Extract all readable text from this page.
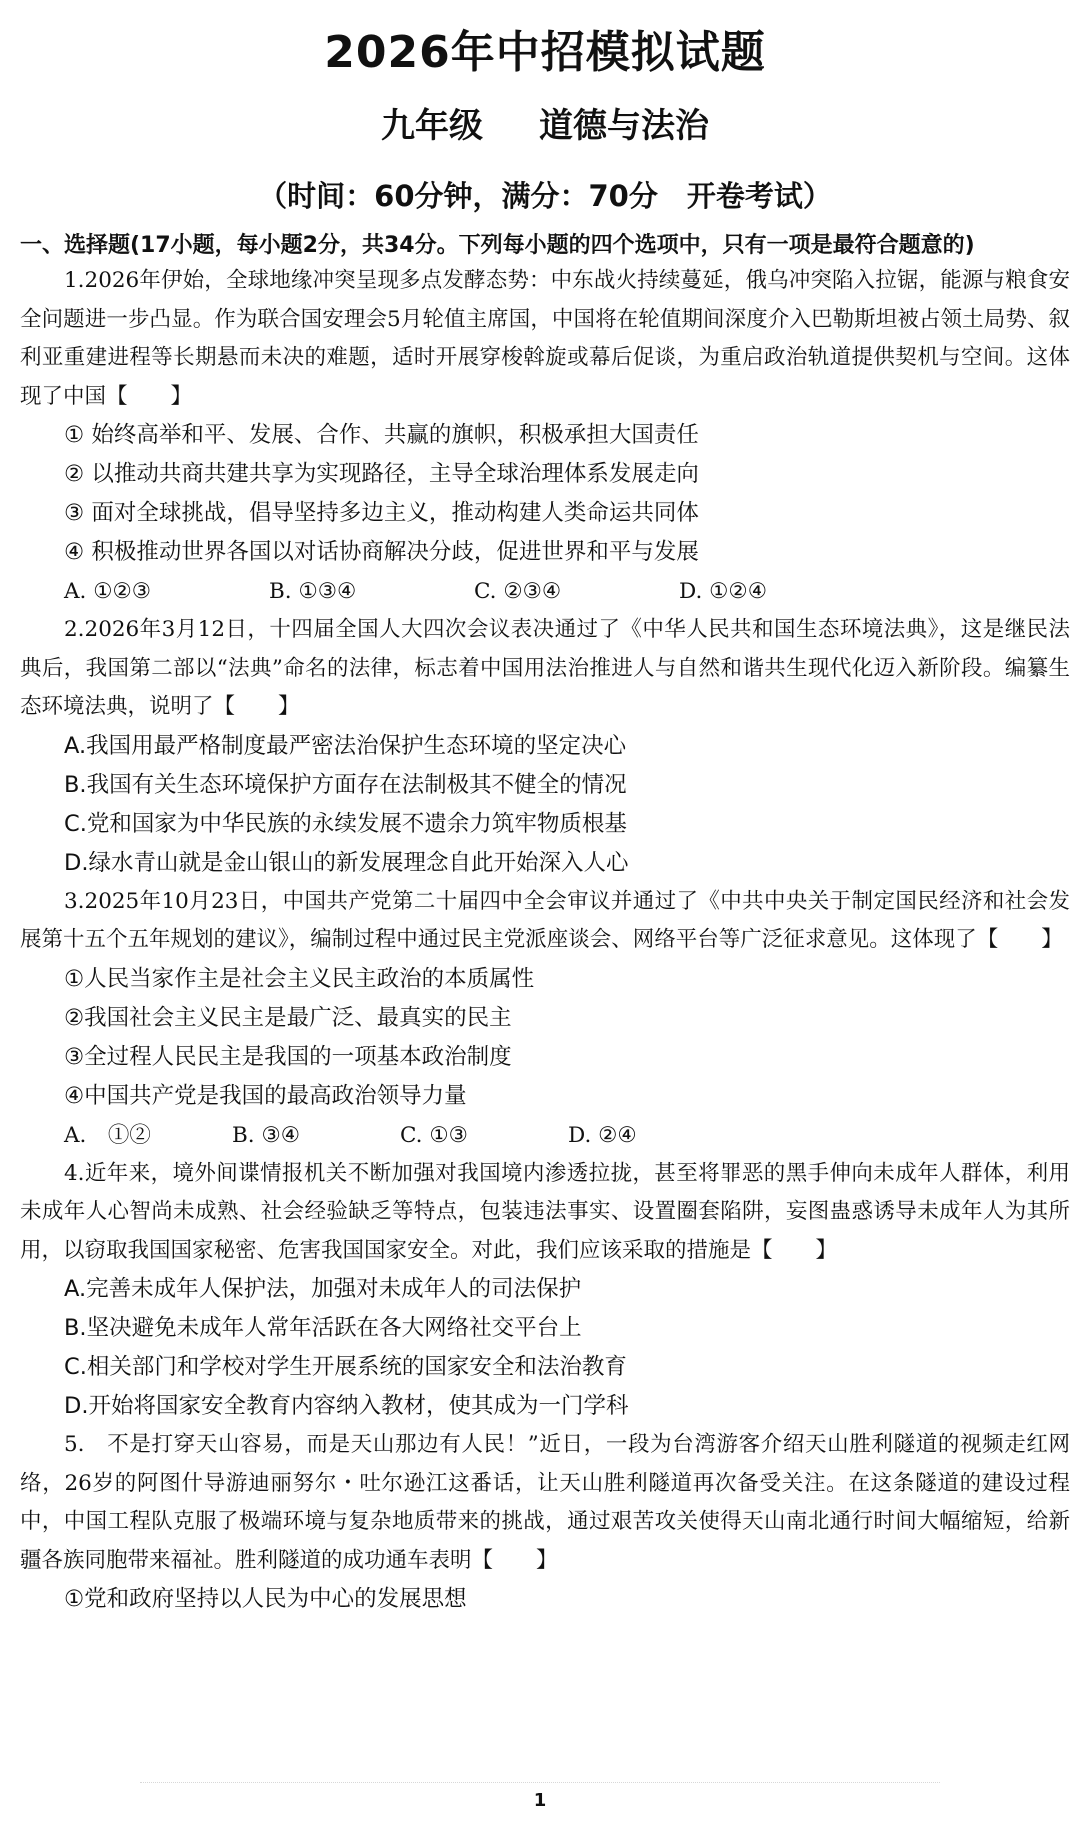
2026年中招模拟试题
九年级 道德与法治
（时间：60分钟，满分：70分　开卷考试）
一、选择题(17小题，每小题2分，共34分。下列每小题的四个选项中，只有一项是最符合题意的)

1.2026年伊始，全球地缘冲突呈现多点发酵态势：中东战火持续蔓延，俄乌冲突陷入拉锯，能源与粮食安全问题进一步凸显。作为联合国安理会5月轮值主席国，中国将在轮值期间深度介入巴勒斯坦被占领土局势、叙利亚重建进程等长期悬而未决的难题，适时开展穿梭斡旋或幕后促谈，为重启政治轨道提供契机与空间。这体现了中国【　　】

① 始终高举和平、发展、合作、共赢的旗帜，积极承担大国责任
② 以推动共商共建共享为实现路径，主导全球治理体系发展走向
③ 面对全球挑战，倡导坚持多边主义，推动构建人类命运共同体
④ 积极推动世界各国以对话协商解决分歧，促进世界和平与发展
A. ①②③	B. ①③④	C. ②③④	D. ①②④

2.2026年3月12日，十四届全国人大四次会议表决通过了《中华人民共和国生态环境法典》，这是继民法典后，我国第二部以“法典”命名的法律，标志着中国用法治推进人与自然和谐共生现代化迈入新阶段。编纂生态环境法典，说明了【　　】

A.我国用最严格制度最严密法治保护生态环境的坚定决心
B.我国有关生态环境保护方面存在法制极其不健全的情况
C.党和国家为中华民族的永续发展不遗余力筑牢物质根基
D.绿水青山就是金山银山的新发展理念自此开始深入人心

3.2025年10月23日，中国共产党第二十届四中全会审议并通过了《中共中央关于制定国民经济和社会发展第十五个五年规划的建议》，编制过程中通过民主党派座谈会、网络平台等广泛征求意见。这体现了【　　】

①人民当家作主是社会主义民主政治的本质属性
②我国社会主义民主是最广泛、最真实的民主
③全过程人民民主是我国的一项基本政治制度
④中国共产党是我国的最高政治领导力量
A.　①②	B. ③④	C. ①③	D. ②④

4.近年来，境外间谍情报机关不断加强对我国境内渗透拉拢，甚至将罪恶的黑手伸向未成年人群体，利用未成年人心智尚未成熟、社会经验缺乏等特点，包装违法事实、设置圈套陷阱，妄图蛊惑诱导未成年人为其所用，以窃取我国国家秘密、危害我国国家安全。对此，我们应该采取的措施是【　　】

A.完善未成年人保护法，加强对未成年人的司法保护
B.坚决避免未成年人常年活跃在各大网络社交平台上
C.相关部门和学校对学生开展系统的国家安全和法治教育
D.开始将国家安全教育内容纳入教材，使其成为一门学科

5.　不是打穿天山容易，而是天山那边有人民！”近日，一段为台湾游客介绍天山胜利隧道的视频走红网络，26岁的阿图什导游迪丽努尔・吐尔逊江这番话，让天山胜利隧道再次备受关注。在这条隧道的建设过程中，中国工程队克服了极端环境与复杂地质带来的挑战，通过艰苦攻关使得天山南北通行时间大幅缩短，给新疆各族同胞带来福祉。胜利隧道的成功通车表明【　　】

①党和政府坚持以人民为中心的发展思想
1
